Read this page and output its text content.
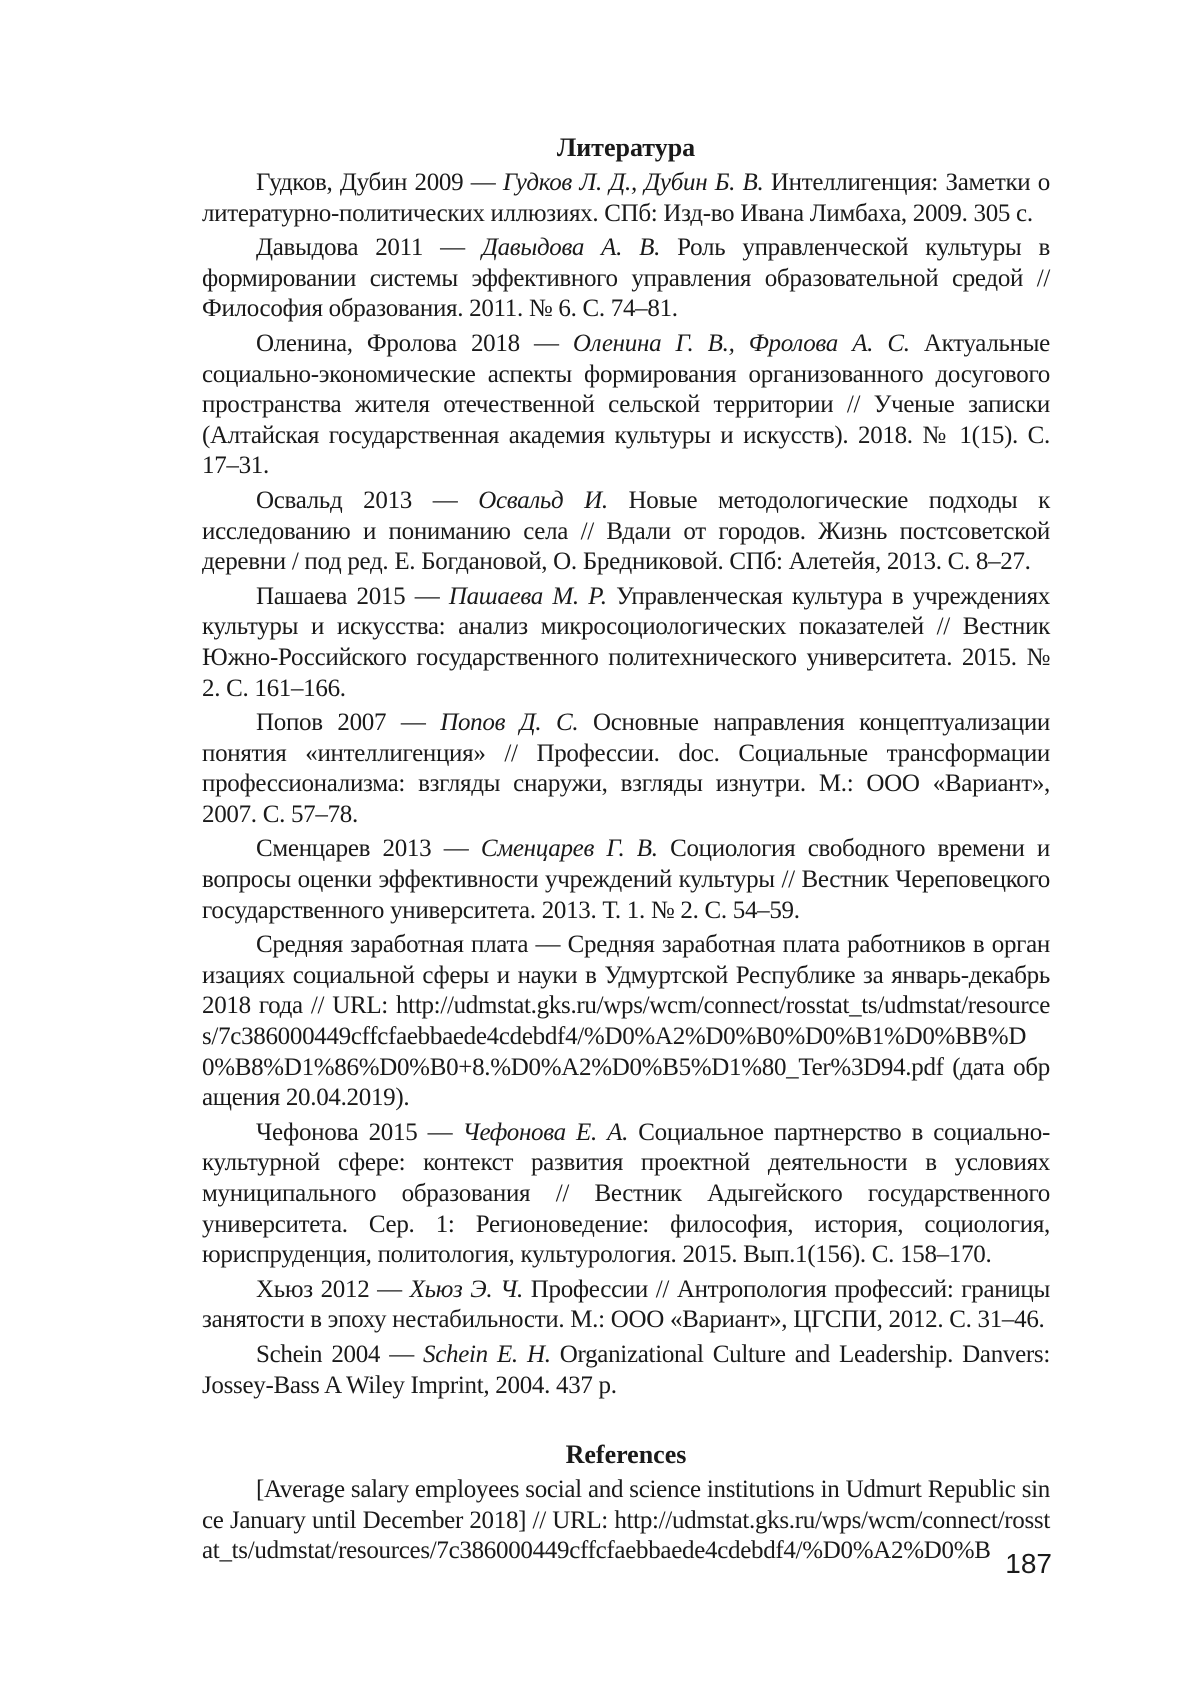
Литература

Гудков, Дубин 2009 — Гудков Л. Д., Дубин Б. В. Интеллигенция: Заметки о литературно-политических иллюзиях. СПб: Изд-во Ивана Лимбаха, 2009. 305 с.

Давыдова 2011 — Давыдова А. В. Роль управленческой культуры в формировании системы эффективного управления образовательной средой // Философия образования. 2011. № 6. С. 74–81.

Оленина, Фролова 2018 — Оленина Г. В., Фролова А. С. Актуальные социально-экономические аспекты формирования организованного досугового пространства жителя отечественной сельской территории // Ученые записки (Алтайская государственная академия культуры и искусств). 2018. № 1(15). С. 17–31.

Освальд 2013 — Освальд И. Новые методологические подходы к исследованию и пониманию села // Вдали от городов. Жизнь постсоветской деревни / под ред. Е. Богдановой, О. Бредниковой. СПб: Алетейя, 2013. С. 8–27.

Пашаева 2015 — Пашаева М. Р. Управленческая культура в учреждениях культуры и искусства: анализ микросоциологических показателей // Вестник Южно-Российского государственного политехнического университета. 2015. № 2. С. 161–166.

Попов 2007 — Попов Д. С. Основные направления концептуализации понятия «интеллигенция» // Профессии. doc. Социальные трансформации профессионализма: взгляды снаружи, взгляды изнутри. М.: ООО «Вариант», 2007. С. 57–78.

Сменцарев 2013 — Сменцарев Г. В. Социология свободного времени и вопросы оценки эффективности учреждений культуры // Вестник Череповецкого государственного университета. 2013. Т. 1. № 2. С. 54–59.

Средняя заработная плата — Средняя заработная плата работников в организациях социальной сферы и науки в Удмуртской Республике за январь-декабрь 2018 года // URL: http://udmstat.gks.ru/wps/wcm/connect/rosstat_ts/udmstat/resources/7c386000449cffcfaebbaede4cdebdf4/%D0%A2%D0%B0%D0%B1%D0%BB%D0%B8%D1%86%D0%B0+8.%D0%A2%D0%B5%D1%80_Ter%3D94.pdf (дата обращения 20.04.2019).

Чефонова 2015 — Чефонова Е. А. Социальное партнерство в социально-культурной сфере: контекст развития проектной деятельности в условиях муниципального образования // Вестник Адыгейского государственного университета. Сер. 1: Регионоведение: философия, история, социология, юриспруденция, политология, культурология. 2015. Вып.1(156). С. 158–170.

Хьюз 2012 — Хьюз Э. Ч. Профессии // Антропология профессий: границы занятости в эпоху нестабильности. М.: ООО «Вариант», ЦГСПИ, 2012. С. 31–46.

Schein 2004 — Schein E. H. Organizational Culture and Leadership. Danvers: Jossey-Bass A Wiley Imprint, 2004. 437 p.

References

[Average salary employees social and science institutions in Udmurt Republic since January until December 2018] // URL: http://udmstat.gks.ru/wps/wcm/connect/rosstat_ts/udmstat/resources/7c386000449cffcfaebbaede4cdebdf4/%D0%A2%D0%B 187
